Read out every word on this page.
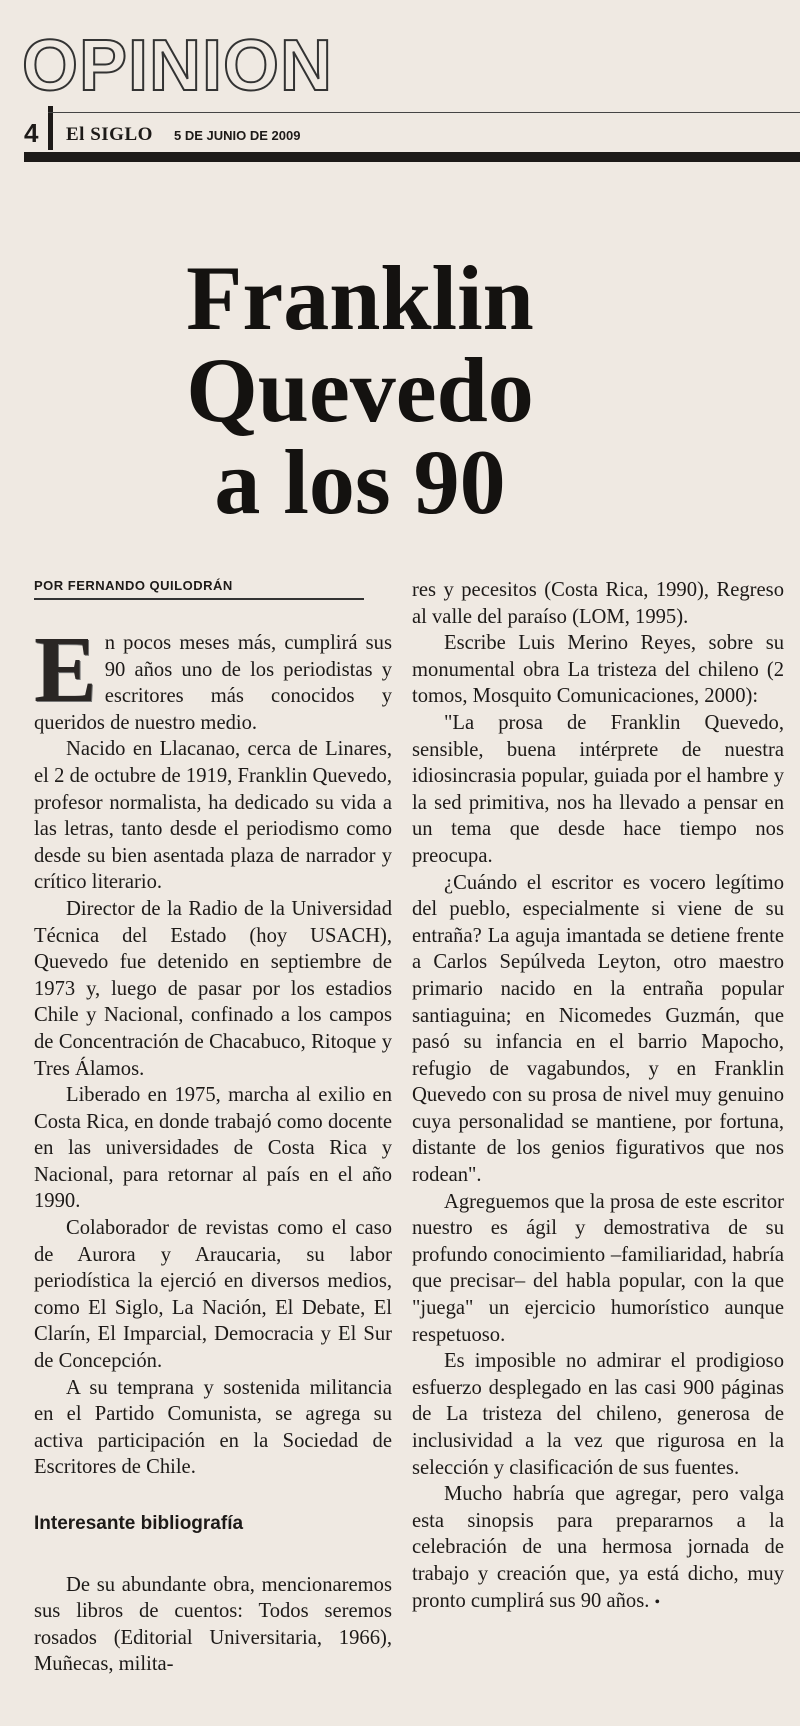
OPINION
4 El SIGLO 5 DE JUNIO DE 2009
Franklin
Quevedo
a los 90
POR FERNANDO QUILODRÁN

En pocos meses más, cumplirá sus 90 años uno de los periodistas y escritores más conocidos y queridos de nuestro medio.

Nacido en Llacanao, cerca de Linares, el 2 de octubre de 1919, Franklin Quevedo, profesor normalista, ha dedicado su vida a las letras, tanto desde el periodismo como desde su bien asentada plaza de narrador y crítico literario.

Director de la Radio de la Universidad Técnica del Estado (hoy USACH), Quevedo fue detenido en septiembre de 1973 y, luego de pasar por los estadios Chile y Nacional, confinado a los campos de Concentración de Chacabuco, Ritoque y Tres Álamos.

Liberado en 1975, marcha al exilio en Costa Rica, en donde trabajó como docente en las universidades de Costa Rica y Nacional, para retornar al país en el año 1990.

Colaborador de revistas como el caso de Aurora y Araucaria, su labor periodística la ejerció en diversos medios, como El Siglo, La Nación, El Debate, El Clarín, El Imparcial, Democracia y El Sur de Concepción.

A su temprana y sostenida militancia en el Partido Comunista, se agrega su activa participación en la Sociedad de Escritores de Chile.

Interesante bibliografía

De su abundante obra, mencionaremos sus libros de cuentos: Todos seremos rosados (Editorial Universitaria, 1966), Muñecas, milita-

res y pecesitos (Costa Rica, 1990), Regreso al valle del paraíso (LOM, 1995).

Escribe Luis Merino Reyes, sobre su monumental obra La tristeza del chileno (2 tomos, Mosquito Comunicaciones, 2000):

"La prosa de Franklin Quevedo, sensible, buena intérprete de nuestra idiosincrasia popular, guiada por el hambre y la sed primitiva, nos ha llevado a pensar en un tema que desde hace tiempo nos preocupa.

¿Cuándo el escritor es vocero legítimo del pueblo, especialmente si viene de su entraña? La aguja imantada se detiene frente a Carlos Sepúlveda Leyton, otro maestro primario nacido en la entraña popular santiaguina; en Nicomedes Guzmán, que pasó su infancia en el barrio Mapocho, refugio de vagabundos, y en Franklin Quevedo con su prosa de nivel muy genuino cuya personalidad se mantiene, por fortuna, distante de los genios figurativos que nos rodean".

Agreguemos que la prosa de este escritor nuestro es ágil y demostrativa de su profundo conocimiento –familiaridad, habría que precisar– del habla popular, con la que "juega" un ejercicio humorístico aunque respetuoso.

Es imposible no admirar el prodigioso esfuerzo desplegado en las casi 900 páginas de La tristeza del chileno, generosa de inclusividad a la vez que rigurosa en la selección y clasificación de sus fuentes.

Mucho habría que agregar, pero valga esta sinopsis para prepararnos a la celebración de una hermosa jornada de trabajo y creación que, ya está dicho, muy pronto cumplirá sus 90 años. •
